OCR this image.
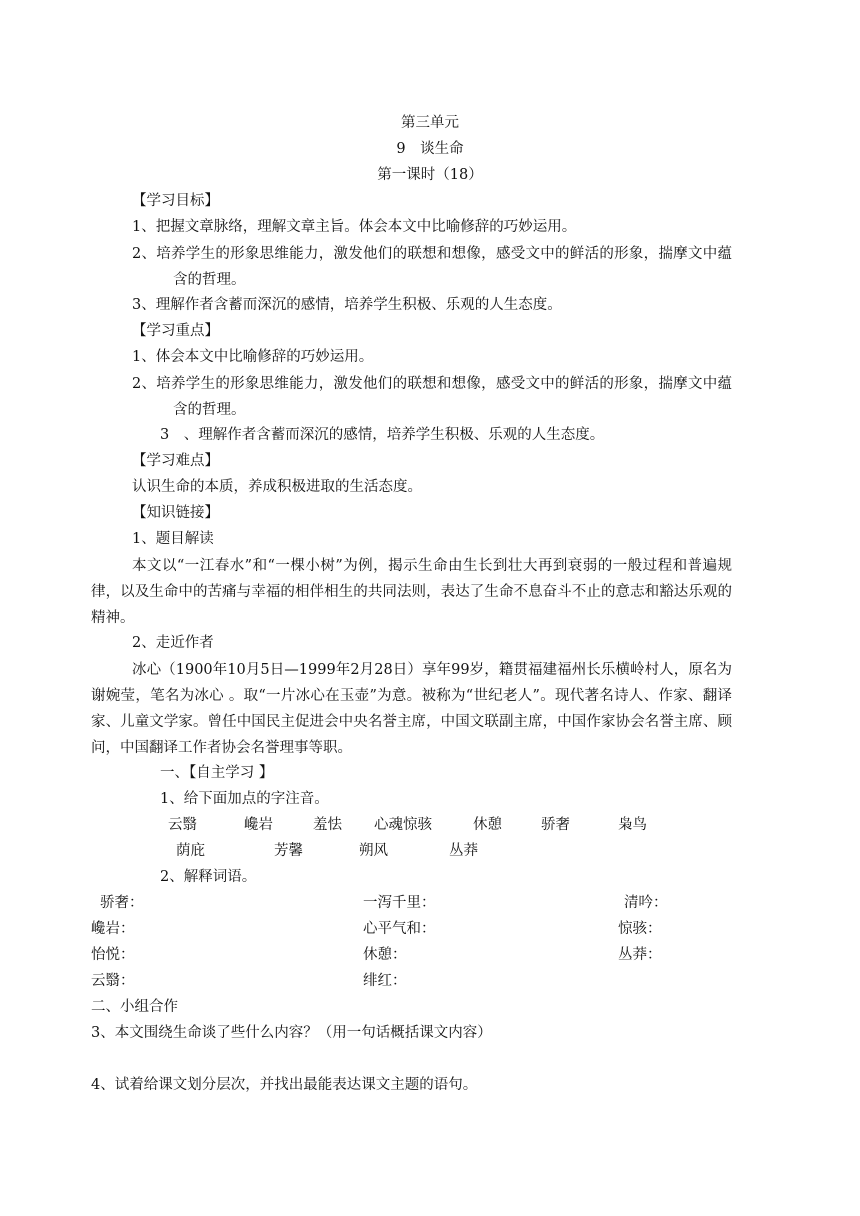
第三单元
9　谈生命
第一课时（18）
【学习目标】
1、把握文章脉络，理解文章主旨。体会本文中比喻修辞的巧妙运用。
2、培养学生的形象思维能力，激发他们的联想和想像，感受文中的鲜活的形象，揣摩文中蕴含的哲理。
3、理解作者含蓄而深沉的感情，培养学生积极、乐观的人生态度。
【学习重点】
1、体会本文中比喻修辞的巧妙运用。
2、培养学生的形象思维能力，激发他们的联想和想像，感受文中的鲜活的形象，揣摩文中蕴含的哲理。
3　、理解作者含蓄而深沉的感情，培养学生积极、乐观的人生态度。
【学习难点】
认识生命的本质，养成积极进取的生活态度。
【知识链接】
1、题目解读
本文以“一江春水”和“一棵小树”为例，揭示生命由生长到壮大再到衰弱的一般过程和普遍规律，以及生命中的苦痛与幸福的相伴相生的共同法则，表达了生命不息奋斗不止的意志和豁达乐观的精神。
2、走近作者
冰心（1900年10月5日—1999年2月28日）享年99岁，籍贯福建福州长乐横岭村人，原名为谢婉莹，笔名为冰心 。取“一片冰心在玉壶”为意。被称为“世纪老人”。现代著名诗人、作家、翻译家、儿童文学家。曾任中国民主促进会中央名誉主席，中国文联副主席，中国作家协会名誉主席、顾问，中国翻译工作者协会名誉理事等职。
一、【自主学习 】
1、给下面加点的字注音。
云翳	巉岩	羞怯 心魂惊骇	休憩	骄奢	枭鸟
荫庇	芳馨	朔风	丛莽
2、解释词语。
骄奢：	一泻千里：	清吟：
巉岩：	心平气和：	惊骇：
怡悦：	休憩：	丛莽：
云翳：	绯红：
二、小组合作
3、本文围绕生命谈了些什么内容？（用一句话概括课文内容）
4、试着给课文划分层次，并找出最能表达课文主题的语句。
